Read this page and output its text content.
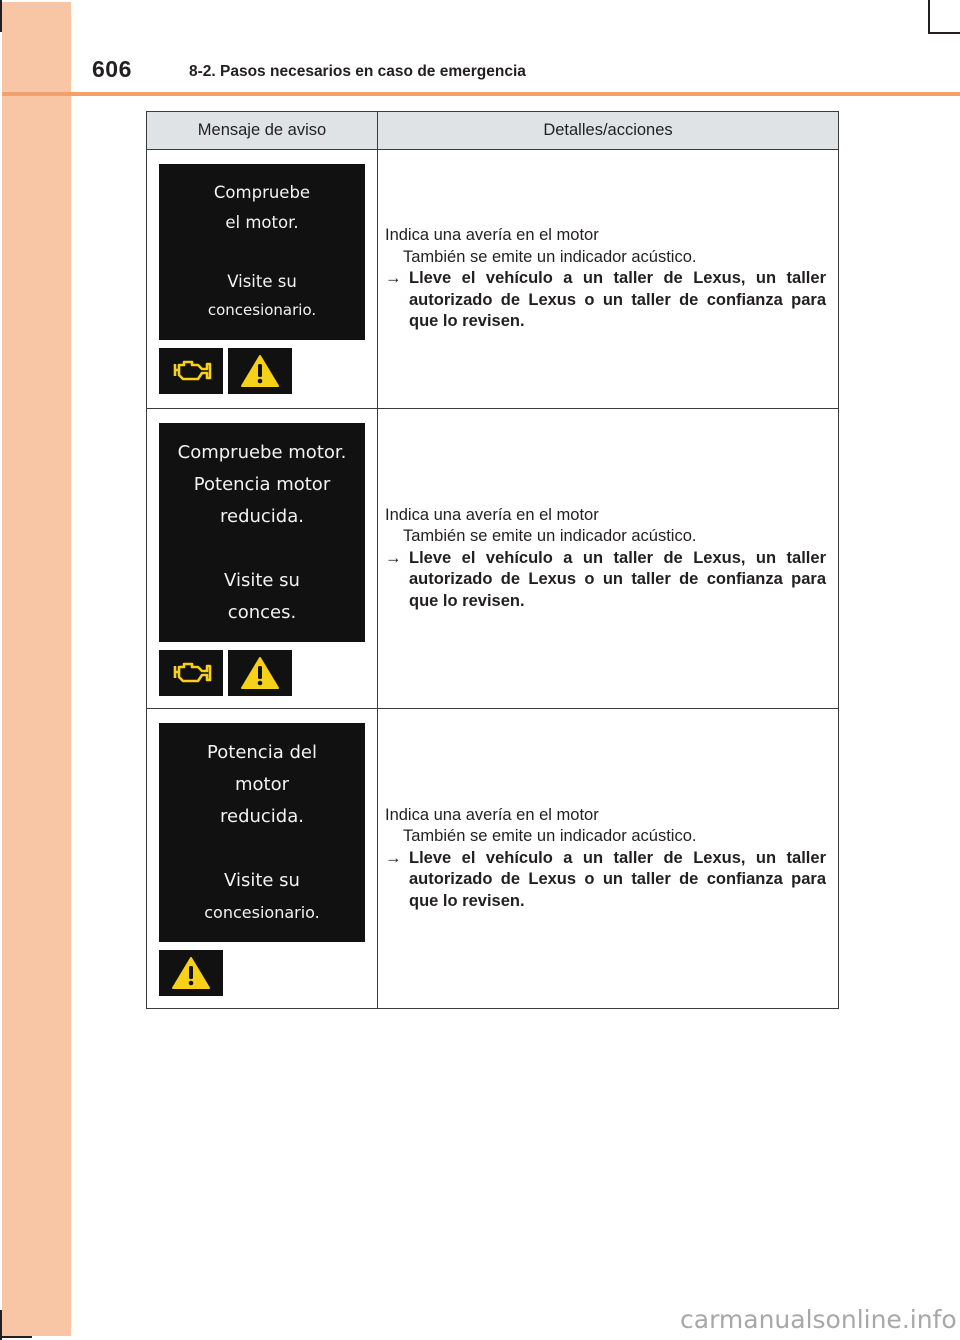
606	8-2. Pasos necesarios en caso de emergencia
Mensaje de aviso	Detalles/acciones

Compruebe
el motor.
Visite su
concesionario.	Indica una avería en el motor
También se emite un indicador acústico.
→ Lleve el vehículo a un taller de Lexus, un taller autorizado de Lexus o un taller de confianza para que lo revisen.

Compruebe motor.
Potencia motor
reducida.
Visite su
conces.	Indica una avería en el motor
También se emite un indicador acústico.
→ Lleve el vehículo a un taller de Lexus, un taller autorizado de Lexus o un taller de confianza para que lo revisen.

Potencia del
motor
reducida.
Visite su
concesionario.	Indica una avería en el motor
También se emite un indicador acústico.
→ Lleve el vehículo a un taller de Lexus, un taller autorizado de Lexus o un taller de confianza para que lo revisen.
carmanualsonline.info
